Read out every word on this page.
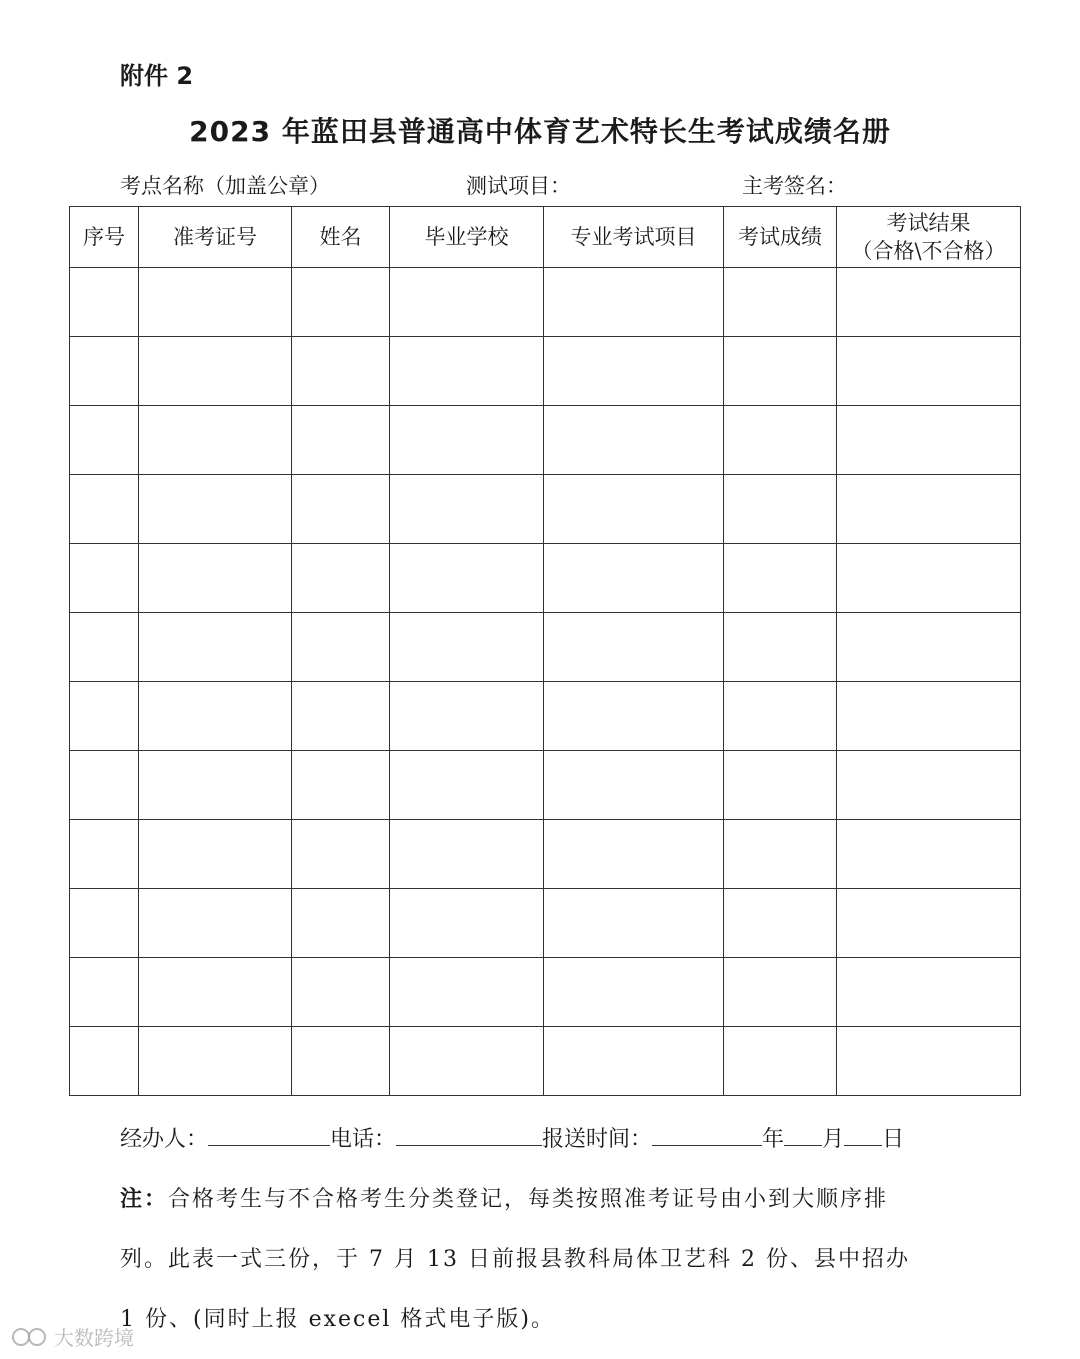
附件 2
2023 年蓝田县普通高中体育艺术特长生考试成绩名册
考点名称（加盖公章）	测试项目：	主考签名：
序号	准考证号	姓名	毕业学校	专业考试项目	考试成绩	考试结果
（合格\不合格）

经办人：	电话：	报送时间：	年 月 日
注：合格考生与不合格考生分类登记，每类按照准考证号由小到大顺序排
列。此表一式三份，于 7 月 13 日前报县教科局体卫艺科 2 份、县中招办
1 份、(同时上报 execel 格式电子版)。
大数跨境
